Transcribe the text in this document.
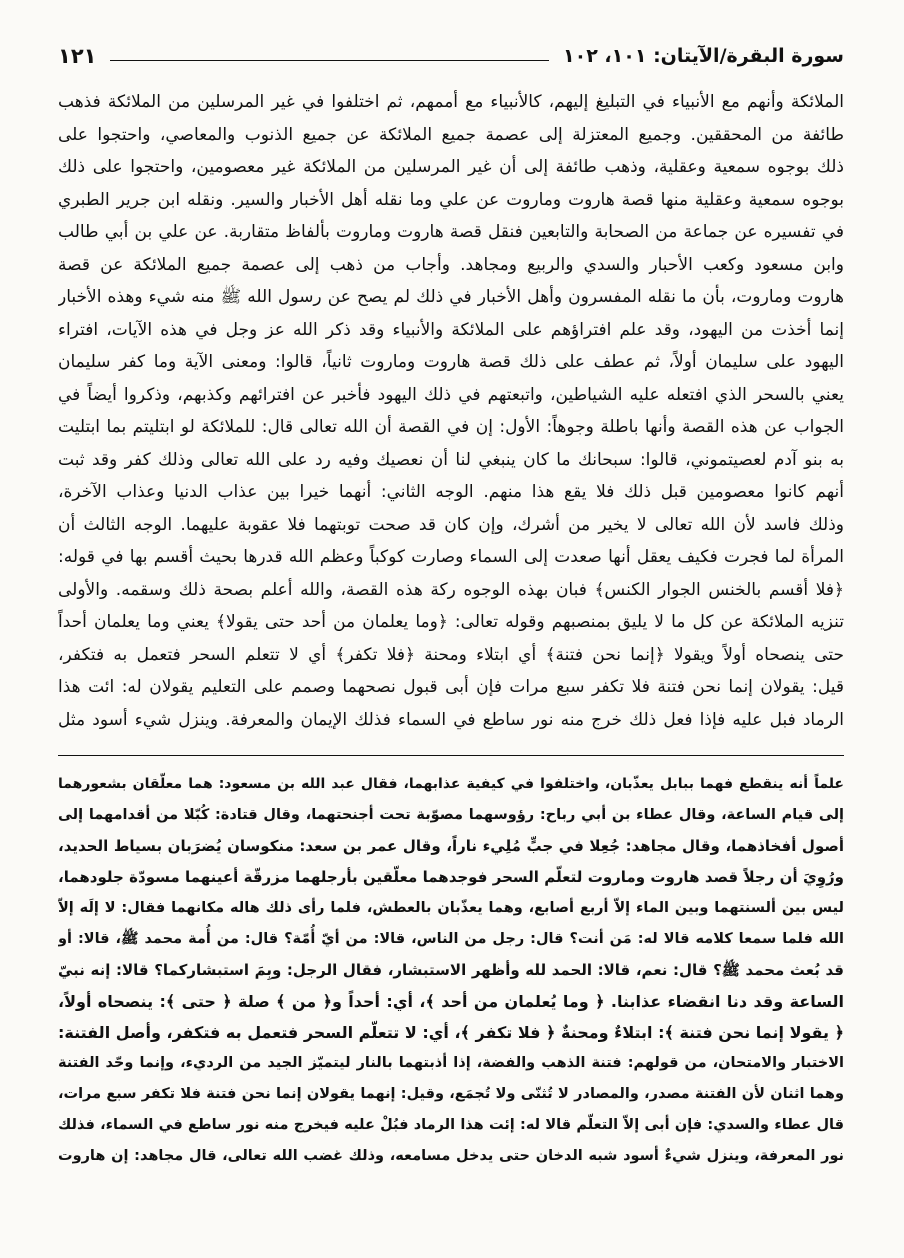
سورة البقرة/الآيتان: ١٠١، ١٠٢
١٢١
الملائكة وأنهم مع الأنبياء في التبليغ إليهم، كالأنبياء مع أممهم، ثم اختلفوا في غير المرسلين من الملائكة فذهب
طائفة من المحققين. وجميع المعتزلة إلى عصمة جميع الملائكة عن جميع الذنوب والمعاصي، واحتجوا على
ذلك بوجوه سمعية وعقلية، وذهب طائفة إلى أن غير المرسلين من الملائكة غير معصومين، واحتجوا على ذلك
بوجوه سمعية وعقلية منها قصة هاروت وماروت عن علي وما نقله أهل الأخبار والسير. ونقله ابن جرير الطبري
في تفسيره عن جماعة من الصحابة والتابعين فنقل قصة هاروت وماروت بألفاظ متقاربة. عن علي بن أبي طالب
وابن مسعود وكعب الأحبار والسدي والربيع ومجاهد. وأجاب من ذهب إلى عصمة جميع الملائكة عن قصة
هاروت وماروت، بأن ما نقله المفسرون وأهل الأخبار في ذلك لم يصح عن رسول الله ﷺ منه شيء وهذه الأخبار
إنما أخذت من اليهود، وقد علم افتراؤهم على الملائكة والأنبياء وقد ذكر الله عز وجل في هذه الآيات، افتراء
اليهود على سليمان أولاً، ثم عطف على ذلك قصة هاروت وماروت ثانياً، قالوا: ومعنى الآية وما كفر سليمان
يعني بالسحر الذي افتعله عليه الشياطين، واتبعتهم في ذلك اليهود فأخبر عن افترائهم وكذبهم، وذكروا أيضاً في
الجواب عن هذه القصة وأنها باطلة وجوهاً: الأول: إن في القصة أن الله تعالى قال: للملائكة لو ابتليتم بما ابتليت
به بنو آدم لعصيتموني، قالوا: سبحانك ما كان ينبغي لنا أن نعصيك وفيه رد على الله تعالى وذلك كفر وقد ثبت
أنهم كانوا معصومين قبل ذلك فلا يقع هذا منهم. الوجه الثاني: أنهما خيرا بين عذاب الدنيا وعذاب الآخرة،
وذلك فاسد لأن الله تعالى لا يخير من أشرك، وإن كان قد صحت توبتهما فلا عقوبة عليهما. الوجه الثالث أن
المرأة لما فجرت فكيف يعقل أنها صعدت إلى السماء وصارت كوكباً وعظم الله قدرها بحيث أقسم بها في قوله:
﴿فلا أقسم بالخنس الجوار الكنس﴾ فبان بهذه الوجوه ركة هذه القصة، والله أعلم بصحة ذلك وسقمه. والأولى
تنزيه الملائكة عن كل ما لا يليق بمنصبهم وقوله تعالى: ﴿وما يعلمان من أحد حتى يقولا﴾ يعني وما يعلمان أحداً
حتى ينصحاه أولاً ويقولا ﴿إنما نحن فتنة﴾ أي ابتلاء ومحنة ﴿فلا تكفر﴾ أي لا تتعلم السحر فتعمل به فتكفر،
قيل: يقولان إنما نحن فتنة فلا تكفر سبع مرات فإن أبى قبول نصحهما وصمم على التعليم يقولان له: ائت هذا
الرماد فبل عليه فإذا فعل ذلك خرج منه نور ساطع في السماء فذلك الإيمان والمعرفة. وينزل شيء أسود مثل
علماً أنه ينقطع فهما ببابل يعذّبان، واختلفوا في كيفية عذابهما، فقال عبد الله بن مسعود: هما معلّقان بشعورهما
إلى قيام الساعة، وقال عطاء بن أبي رباح: رؤوسهما مصوّبة تحت أجنحتهما، وقال قتادة: كُبّلا من أقدامهما إلى
أصول أفخاذهما، وقال مجاهد: جُعِلا في جبٍّ مُلِيء ناراً، وقال عمر بن سعد: منكوسان يُضرَبان بسياط الحديد،
ورُوِيَ أن رجلاً قصد هاروت وماروت لتعلّم السحر فوجدهما معلّقين بأرجلهما مزرقّة أعينهما مسودّة جلودهما،
ليس بين ألسنتهما وبين الماء إلاّ أربع أصابع، وهما يعذّبان بالعطش، فلما رأى ذلك هاله مكانهما فقال: لا إلَه إلاّ
الله فلما سمعا كلامه قالا له: مَن أنت؟ قال: رجل من الناس، قالا: من أيّ أُمّة؟ قال: من أُمة محمد ﷺ، قالا: أو
قد بُعث محمد ﷺ؟ قال: نعم، قالا: الحمد لله وأظهر الاستبشار، فقال الرجل: وبِمَ استبشاركما؟ قالا: إنه نبيّ
الساعة وقد دنا انقضاء عذابنا. ﴿ وما يُعلمان من أحد ﴾، أي: أحداً و﴿ من ﴾ صلة ﴿ حتى ﴾: ينصحاه أولاً،
﴿ يقولا إنما نحن فتنة ﴾: ابتلاءٌ ومحنةٌ ﴿ فلا تكفر ﴾، أي: لا تتعلّم السحر فتعمل به فتكفر، وأصل الفتنة:
الاختبار والامتحان، من قولهم: فتنة الذهب والفضة، إذا أذبتهما بالنار ليتميّز الجيد من الرديء، وإنما وحّد الفتنة
وهما اثنان لأن الفتنة مصدر، والمصادر لا تُثنّى ولا تُجمَع، وقيل: إنهما يقولان إنما نحن فتنة فلا تكفر سبع مرات،
قال عطاء والسدي: فإن أبى إلاّ التعلّم قالا له: إئت هذا الرماد فبُلْ عليه فيخرج منه نور ساطع في السماء، فذلك
نور المعرفة، وينزل شيءٌ أسود شبه الدخان حتى يدخل مسامعه، وذلك غضب الله تعالى، قال مجاهد: إن هاروت
